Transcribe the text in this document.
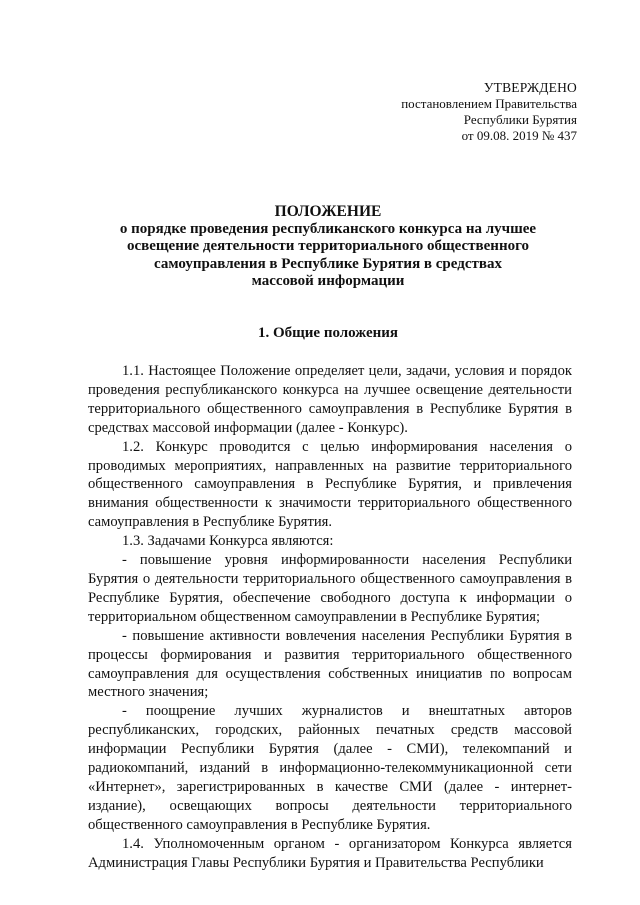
УТВЕРЖДЕНО
постановлением Правительства
Республики Бурятия
от 09.08. 2019 № 437
ПОЛОЖЕНИЕ
о порядке проведения республиканского конкурса на лучшее
освещение деятельности территориального общественного
самоуправления в Республике Бурятия в средствах
массовой информации
1. Общие положения

1.1. Настоящее Положение определяет цели, задачи, условия и порядок проведения республиканского конкурса на лучшее освещение деятельности территориального общественного самоуправления в Республике Бурятия в средствах массовой информации (далее - Конкурс).

1.2. Конкурс проводится с целью информирования населения о проводимых мероприятиях, направленных на развитие территориального общественного самоуправления в Республике Бурятия, и привлечения внимания общественности к значимости территориального общественного самоуправления в Республике Бурятия.

1.3. Задачами Конкурса являются:

- повышение уровня информированности населения Республики Бурятия о деятельности территориального общественного самоуправления в Республике Бурятия, обеспечение свободного доступа к информации о территориальном общественном самоуправлении в Республике Бурятия;

- повышение активности вовлечения населения Республики Бурятия в процессы формирования и развития территориального общественного самоуправления для осуществления собственных инициатив по вопросам местного значения;

- поощрение лучших журналистов и внештатных авторов республиканских, городских, районных печатных средств массовой информации Республики Бурятия (далее - СМИ), телекомпаний и радиокомпаний, изданий в информационно-телекоммуникационной сети «Интернет», зарегистрированных в качестве СМИ (далее - интернет-издание), освещающих вопросы деятельности территориального общественного самоуправления в Республике Бурятия.

1.4. Уполномоченным органом - организатором Конкурса является Администрация Главы Республики Бурятия и Правительства Республики
